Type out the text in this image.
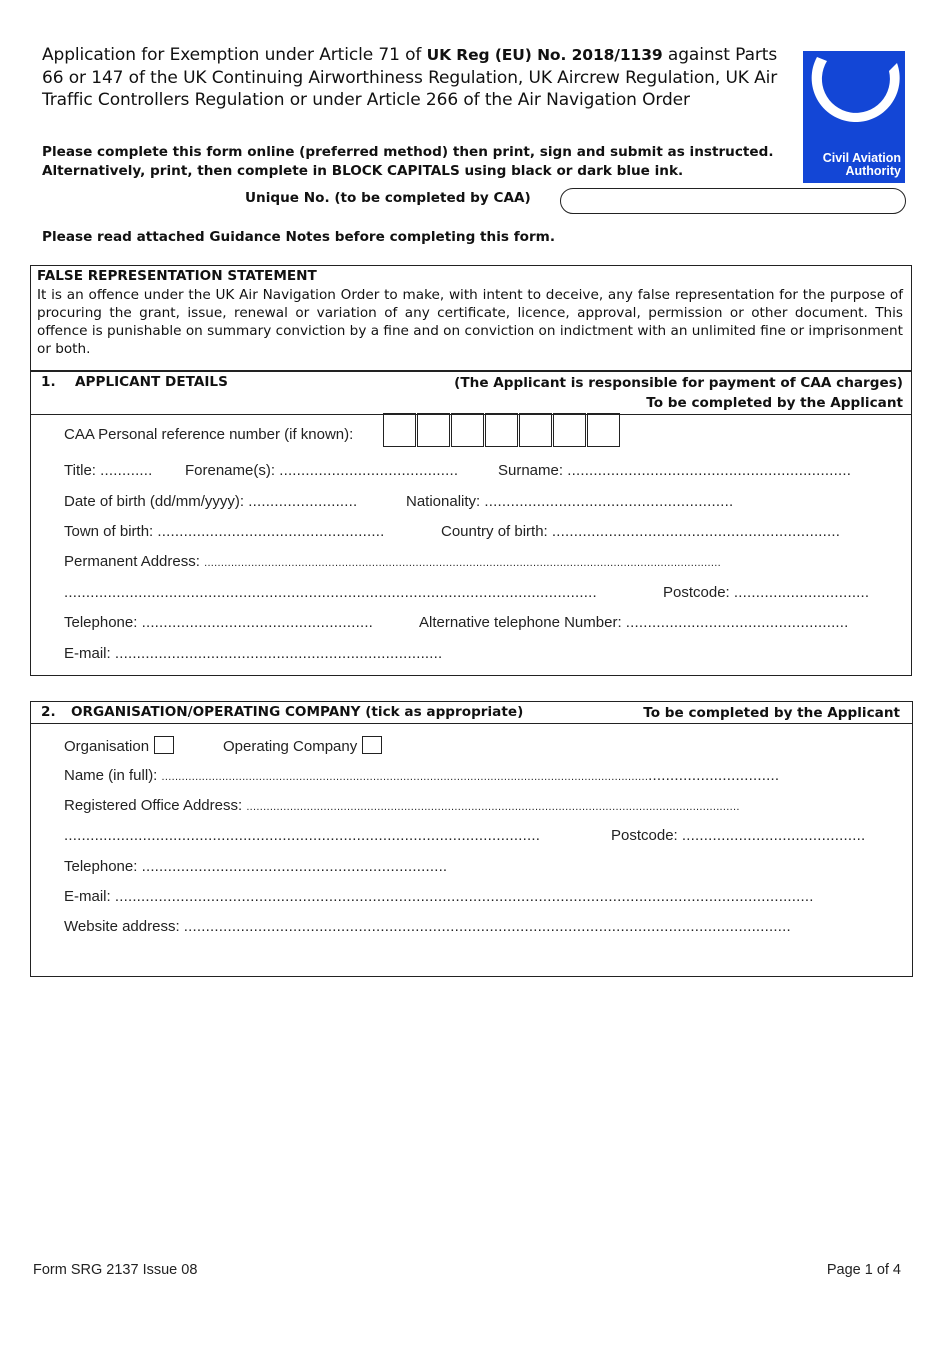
Application for Exemption under Article 71 of UK Reg (EU) No. 2018/1139 against Parts 66 or 147 of the UK Continuing Airworthiness Regulation, UK Aircrew Regulation, UK Air Traffic Controllers Regulation or under Article 266 of the Air Navigation Order
Civil Aviation
Authority
Please complete this form online (preferred method) then print, sign and submit as instructed.
Alternatively, print, then complete in BLOCK CAPITALS using black or dark blue ink.
Unique No. (to be completed by CAA)
Please read attached Guidance Notes before completing this form.
FALSE REPRESENTATION STATEMENT
It is an offence under the UK Air Navigation Order to make, with intent to deceive, any false representation for the purpose of procuring the grant, issue, renewal or variation of any certificate, licence, approval, permission or other document. This offence is punishable on summary conviction by a fine and on conviction on indictment with an unlimited fine or imprisonment or both.
1. APPLICANT DETAILS	(The Applicant is responsible for payment of CAA charges)
To be completed by the Applicant
CAA Personal reference number (if known):
Title: ............ Forename(s): .........................................	Surname: .................................................................
Date of birth (dd/mm/yyyy): .........................	Nationality: .........................................................
Town of birth: ....................................................	Country of birth: ..................................................................
Permanent Address: ..........................................................................................................................................................
..........................................................................................................................	Postcode: ...............................
Telephone: .....................................................	Alternative telephone Number: ...................................................
E-mail: ...........................................................................
2. ORGANISATION/OPERATING COMPANY (tick as appropriate)	To be completed by the Applicant
Organisation	Operating Company
Name (in full): ...............................................................................................................................................................................
Registered Office Address: ...................................................................................................................................................
.............................................................................................................	Postcode: ..........................................
Telephone: ......................................................................
E-mail: ................................................................................................................................................................
Website address: ...........................................................................................................................................
Form SRG 2137 Issue 08	Page 1 of 4
